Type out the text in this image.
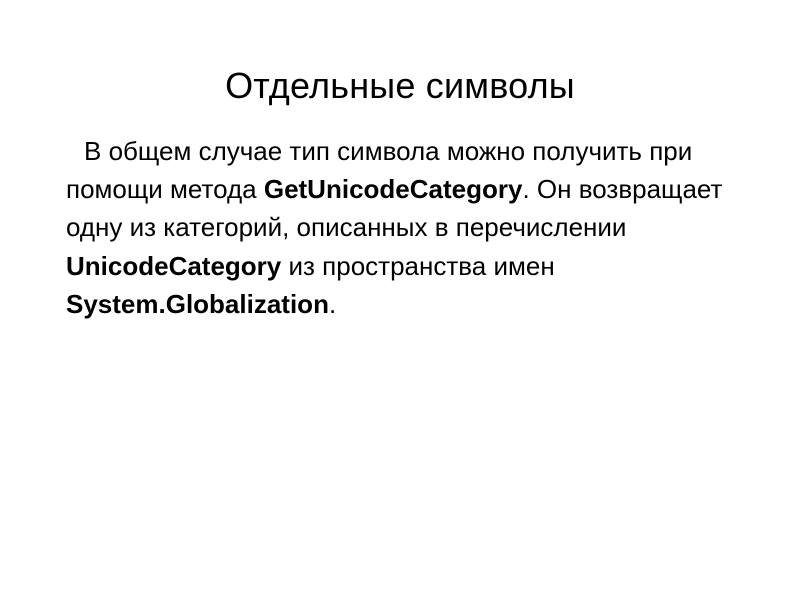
Отдельные символы

В общем случае тип символа можно получить при помощи метода GetUnicodeCategory. Он возвращает одну из категорий, описанных в перечислении UnicodeCategory из пространства имен System.Globalization.
